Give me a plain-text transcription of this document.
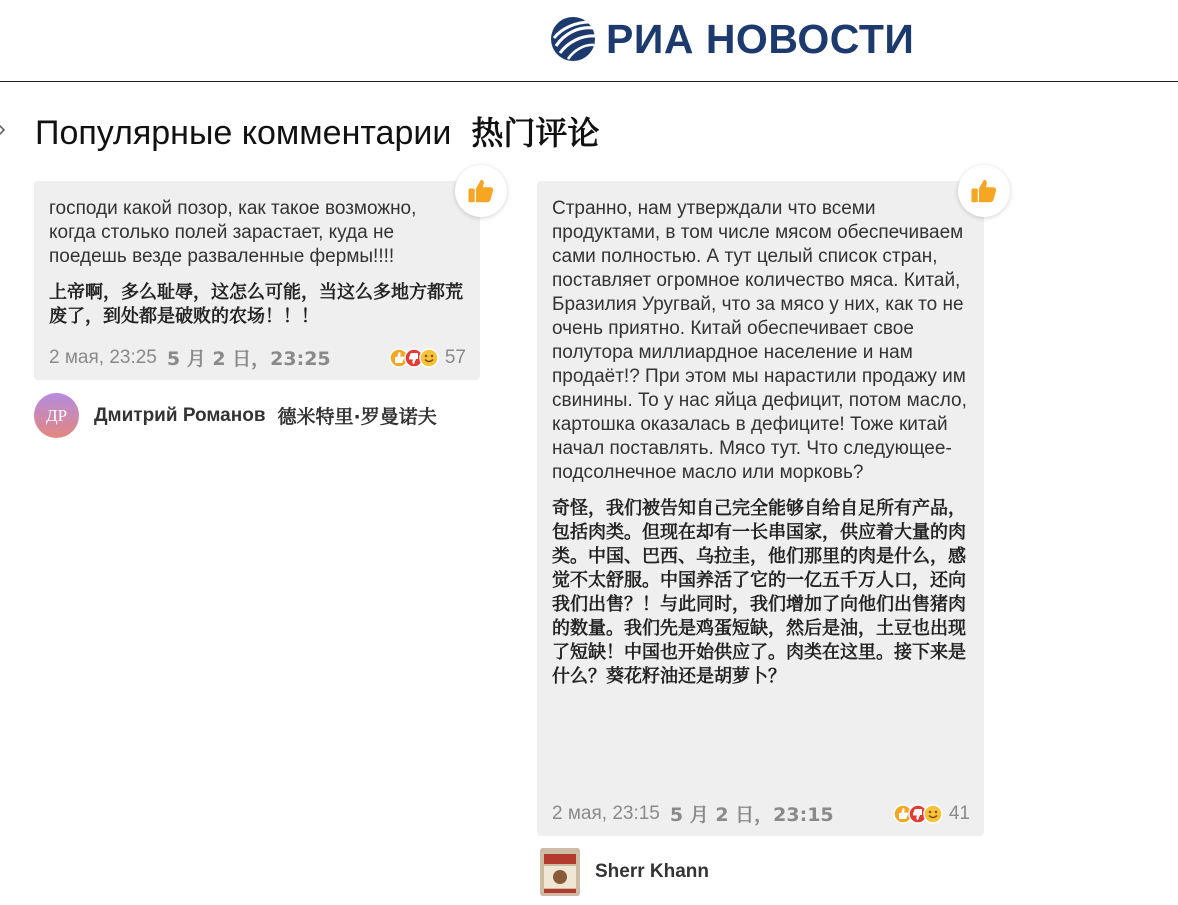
РИА НОВОСТИ
Популярные комментарии 热门评论

господи какой позор, как такое возможно, когда столько полей зарастает, куда не поедешь везде разваленные фермы!!!!

上帝啊，多么耻辱，这怎么可能，当这么多地方都荒废了，到处都是破败的农场！！！

2 мая, 23:25 5 月 2 日，23:25	57
ДР Дмитрий Романов 德米特里·罗曼诺夫

Странно, нам утверждали что всеми продуктами, в том числе мясом обеспечиваем сами полностью. А тут целый список стран, поставляет огромное количество мяса. Китай, Бразилия Уругвай, что за мясо у них, как то не очень приятно. Китай обеспечивает свое полутора миллиардное население и нам продаёт!? При этом мы нарастили продажу им свинины. То у нас яйца дефицит, потом масло, картошка оказалась в дефиците! Тоже китай начал поставлять. Мясо тут. Что следующее-подсолнечное масло или морковь?

奇怪，我们被告知自己完全能够自给自足所有产品，包括肉类。但现在却有一长串国家，供应着大量的肉类。中国、巴西、乌拉圭，他们那里的肉是什么，感觉不太舒服。中国养活了它的一亿五千万人口，还向我们出售？！与此同时，我们增加了向他们出售猪肉的数量。我们先是鸡蛋短缺，然后是油，土豆也出现了短缺！中国也开始供应了。肉类在这里。接下来是什么？葵花籽油还是胡萝卜？

2 мая, 23:15 5 月 2 日，23:15	41
Sherr Khann
